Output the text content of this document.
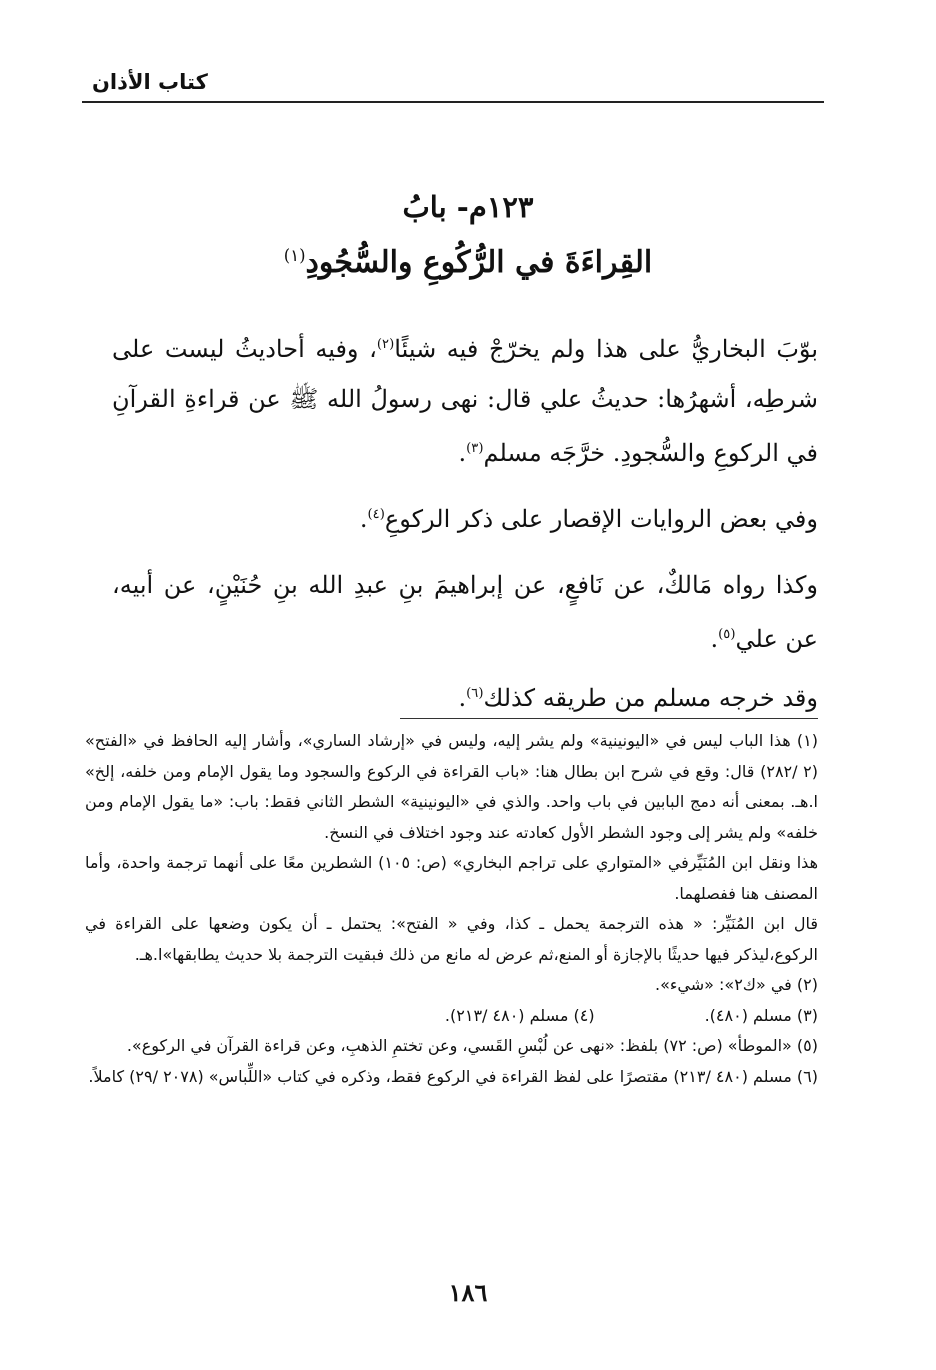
كتاب الأذان
١٢٣م- بابُ
القِراءَةَ في الرُّكُوعِ والسُّجُودِ$^{(١)}$

بوّبَ البخاريُّ على هذا ولم يخرّجْ فيه شيئًا$^{(٢)}$، وفيه أحاديثُ ليست على شرطِه، أشهرُها: حديثُ علي قال: نهى رسولُ الله ﷺ عن قراءةِ القرآنِ في الركوعِ والسُّجودِ. خرَّجَه مسلم$^{(٣)}$.

وفي بعض الروايات الإقصار على ذكر الركوعِ$^{(٤)}$.

وكذا رواه مَالكٌ، عن نَافعٍ، عن إبراهيمَ بنِ عبدِ الله بنِ حُنَيْنٍ، عن أبيه، عن علي$^{(٥)}$.

وقد خرجه مسلم من طريقه كذلك$^{(٦)}$.

(١) هذا الباب ليس في «اليونينية» ولم يشر إليه، وليس في «إرشاد الساري»، وأشار إليه الحافظ في «الفتح» (٢ /٢٨٢) قال: وقع في شرح ابن بطال هنا: «باب القراءة في الركوع والسجود وما يقول الإمام ومن خلفه، إلخ» ا.هـ. بمعنى أنه دمج البابين في باب واحد. والذي في «اليونينية» الشطر الثاني فقط: باب: «ما يقول الإمام ومن خلفه» ولم يشر إلى وجود الشطر الأول كعادته عند وجود اختلاف في النسخ.

هذا ونقل ابن المُنَيِّرفي «المتواري على تراجم البخاري» (ص: ١٠٥) الشطرين معًا على أنهما ترجمة واحدة، وأما المصنف هنا ففصلهما.

قال ابن المُنَيِّر: « هذه الترجمة يحمل ـ كذا، وفي « الفتح»: يحتمل ـ أن يكون وضعها على القراءة في الركوع،ليذكر فيها حديثًا بالإجازة أو المنع،ثم عرض له مانع من ذلك فبقيت الترجمة بلا حديث يطابقها»ا.هـ.

(٢) في «ك٢»: «شيء».

(٣) مسلم (٤٨٠).
(٤) مسلم (٤٨٠ /٢١٣).

(٥) «الموطأ» (ص: ٧٢) بلفظ: «نهى عن لُبْسِ القَسي، وعن تختمِ الذهبِ، وعن قراءة القرآن في الركوع».

(٦) مسلم (٤٨٠ /٢١٣) مقتصرًا على لفظ القراءة في الركوع فقط، وذكره في كتاب «اللِّباس» (٢٠٧٨ /٢٩) كاملاً.

١٨٦
